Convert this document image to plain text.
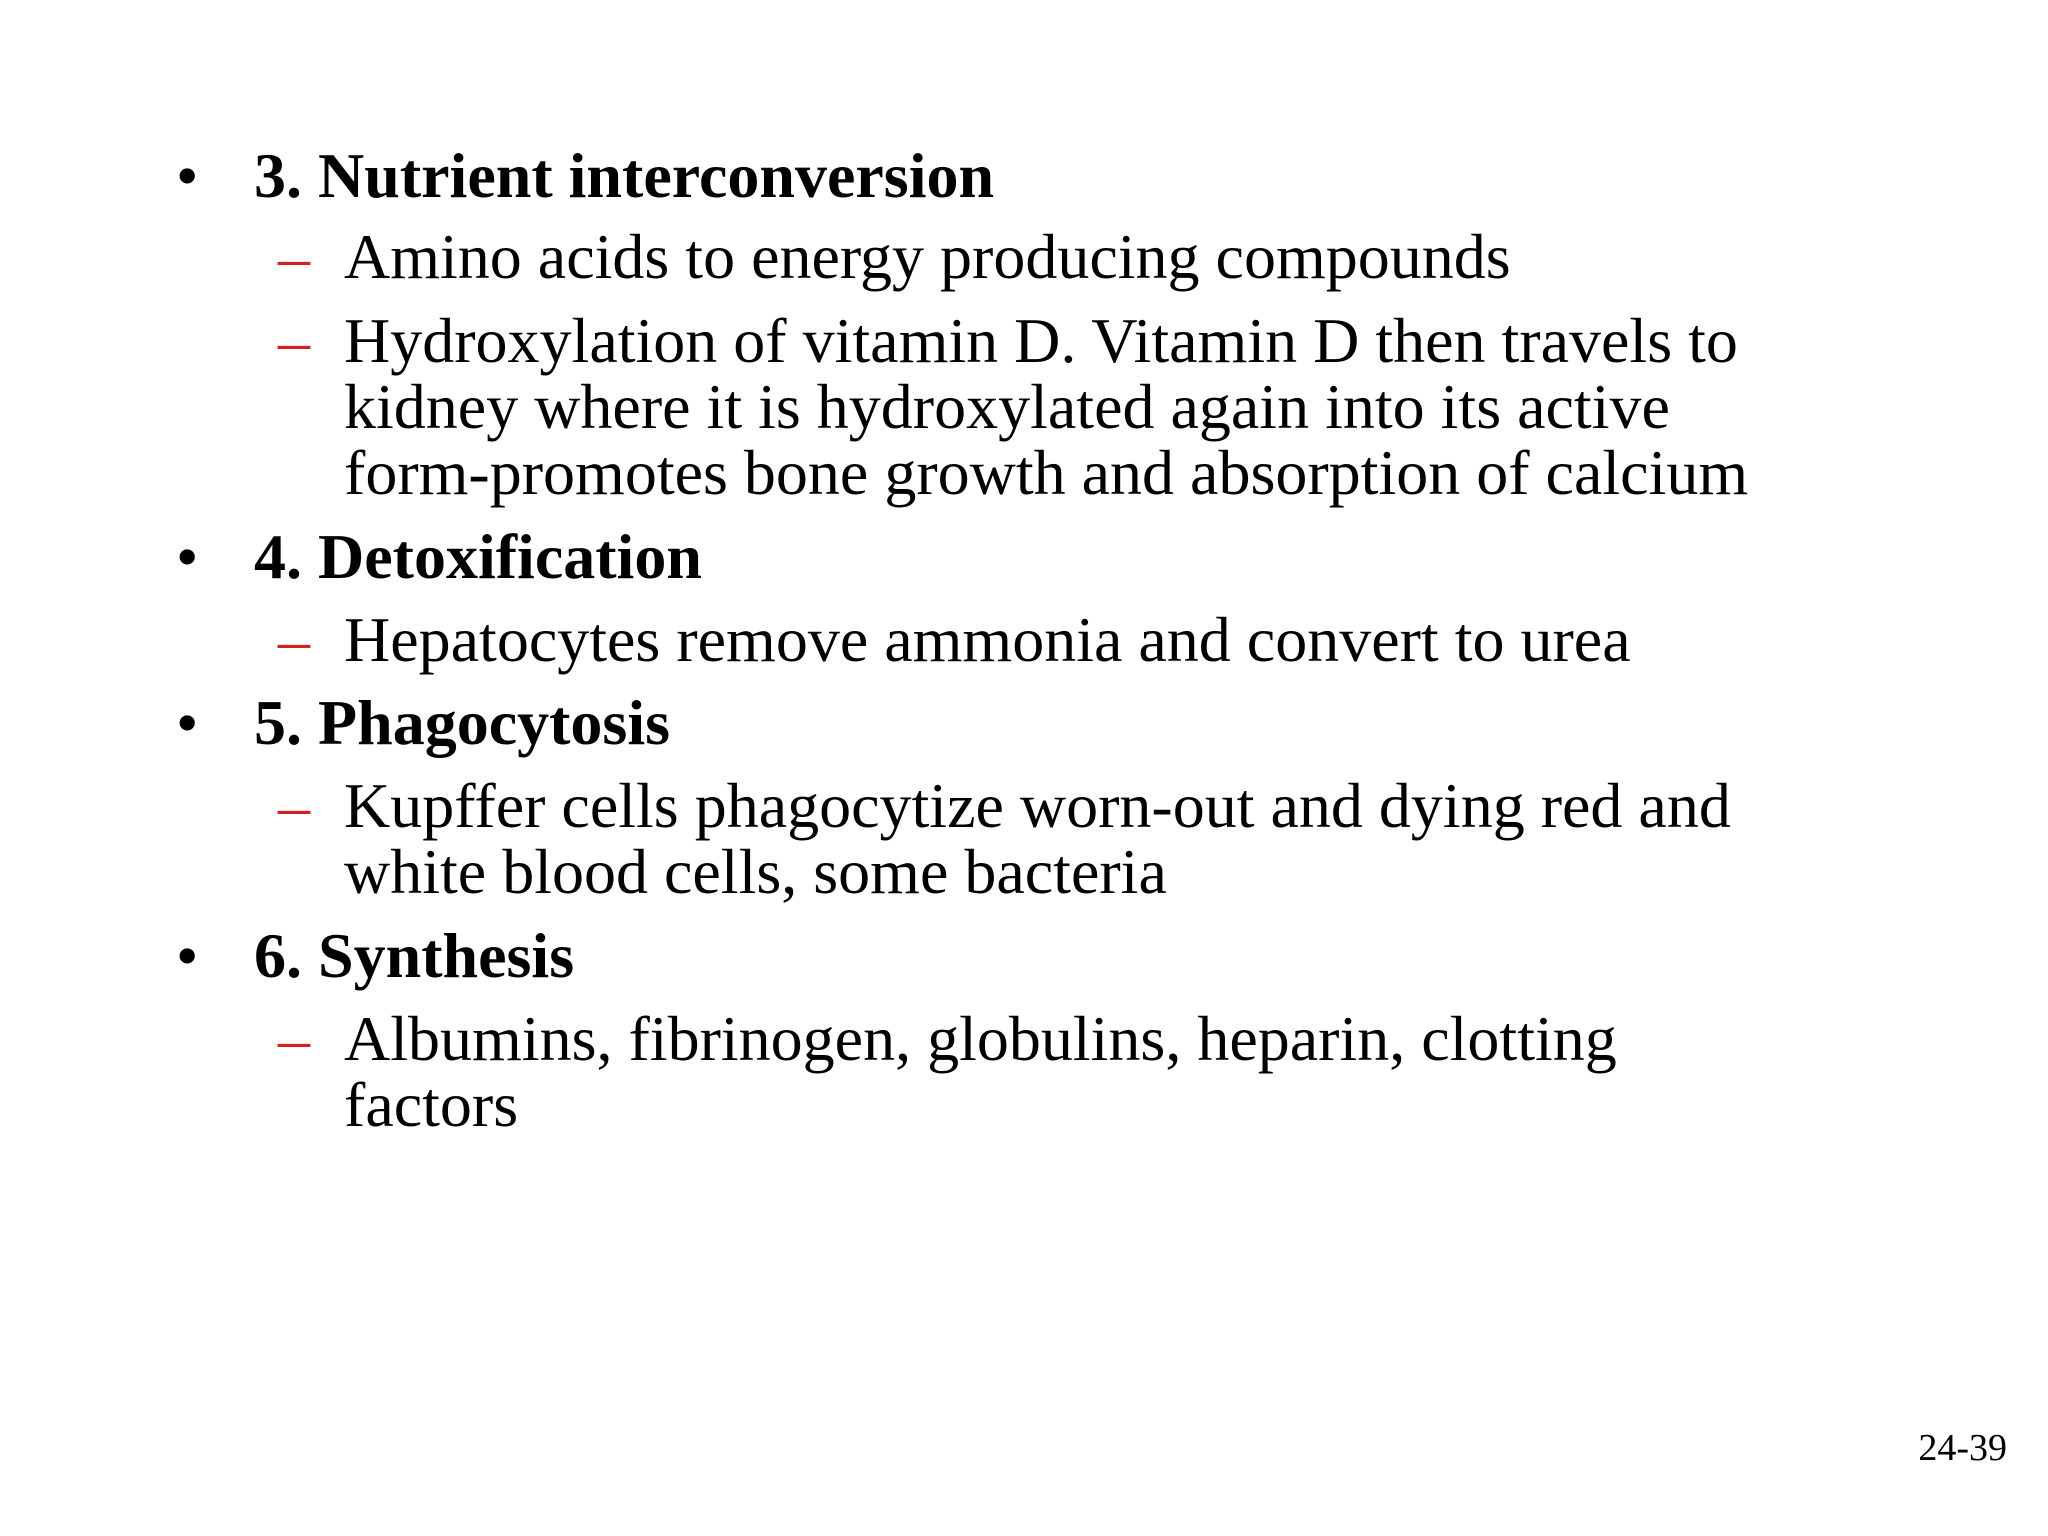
• 3. Nutrient interconversion
– Amino acids to energy producing compounds
– Hydroxylation of vitamin D. Vitamin D then travels to
kidney where it is hydroxylated again into its active
form-promotes bone growth and absorption of calcium
• 4. Detoxification
– Hepatocytes remove ammonia and convert to urea
• 5. Phagocytosis
– Kupffer cells phagocytize worn-out and dying red and
white blood cells, some bacteria
• 6. Synthesis
– Albumins, fibrinogen, globulins, heparin, clotting
factors
24-39
